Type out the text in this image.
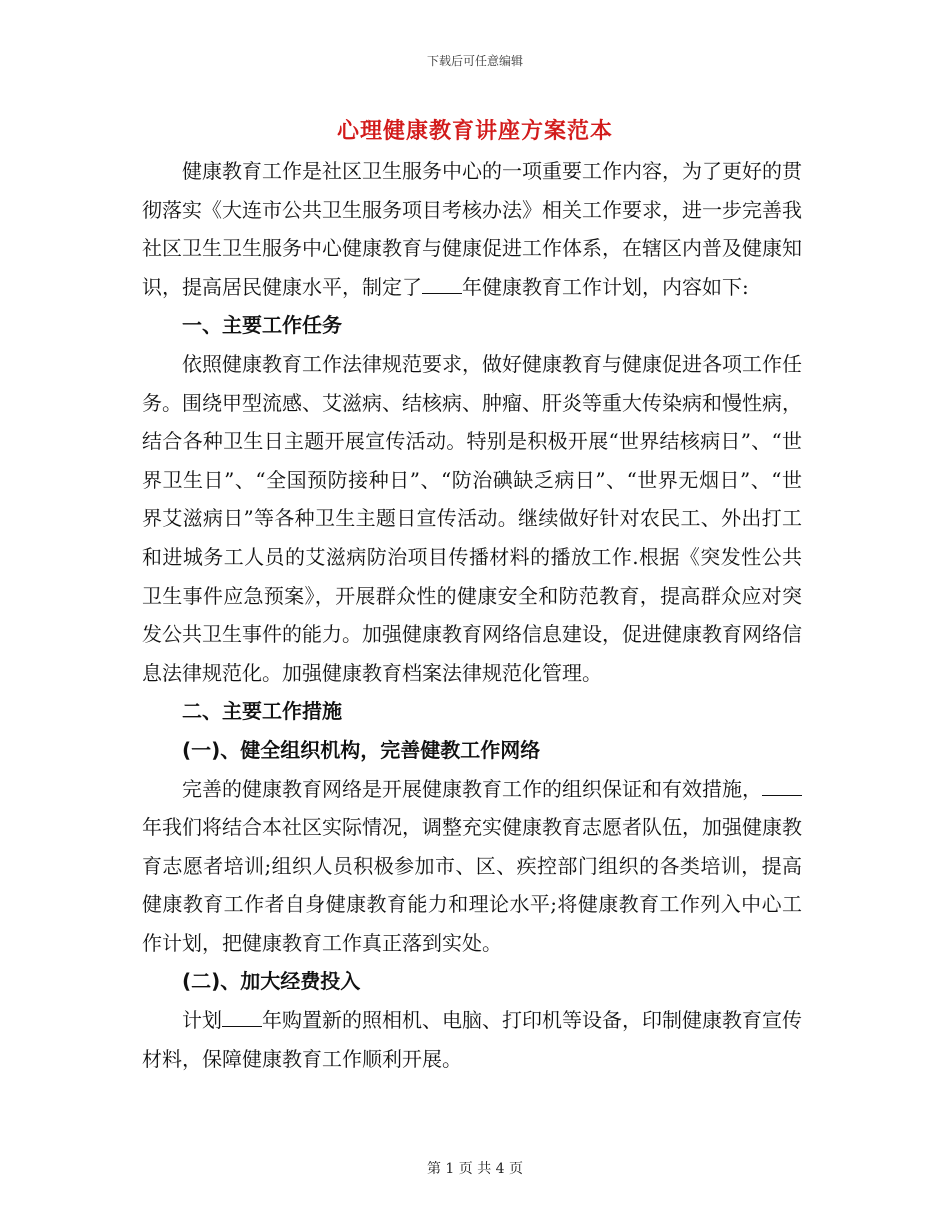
下载后可任意编辑
心理健康教育讲座方案范本

健康教育工作是社区卫生服务中心的一项重要工作内容，为了更好的贯彻落实《大连市公共卫生服务项目考核办法》相关工作要求，进一步完善我社区卫生卫生服务中心健康教育与健康促进工作体系，在辖区内普及健康知识，提高居民健康水平，制定了 年健康教育工作计划，内容如下:

一、主要工作任务

依照健康教育工作法律规范要求，做好健康教育与健康促进各项工作任务。围绕甲型流感、艾滋病、结核病、肿瘤、肝炎等重大传染病和慢性病，结合各种卫生日主题开展宣传活动。特别是积极开展“世界结核病日”、“世界卫生日”、“全国预防接种日”、“防治碘缺乏病日”、“世界无烟日”、“世界艾滋病日”等各种卫生主题日宣传活动。继续做好针对农民工、外出打工和进城务工人员的艾滋病防治项目传播材料的播放工作.根据《突发性公共卫生事件应急预案》，开展群众性的健康安全和防范教育，提高群众应对突发公共卫生事件的能力。加强健康教育网络信息建设，促进健康教育网络信息法律规范化。加强健康教育档案法律规范化管理。

二、主要工作措施

(一)、健全组织机构，完善健教工作网络

完善的健康教育网络是开展健康教育工作的组织保证和有效措施，年我们将结合本社区实际情况，调整充实健康教育志愿者队伍，加强健康教育志愿者培训;组织人员积极参加市、区、疾控部门组织的各类培训，提高健康教育工作者自身健康教育能力和理论水平;将健康教育工作列入中心工作计划，把健康教育工作真正落到实处。

(二)、加大经费投入

计划 年购置新的照相机、电脑、打印机等设备，印制健康教育宣传材料，保障健康教育工作顺利开展。

第 1 页 共 4 页
